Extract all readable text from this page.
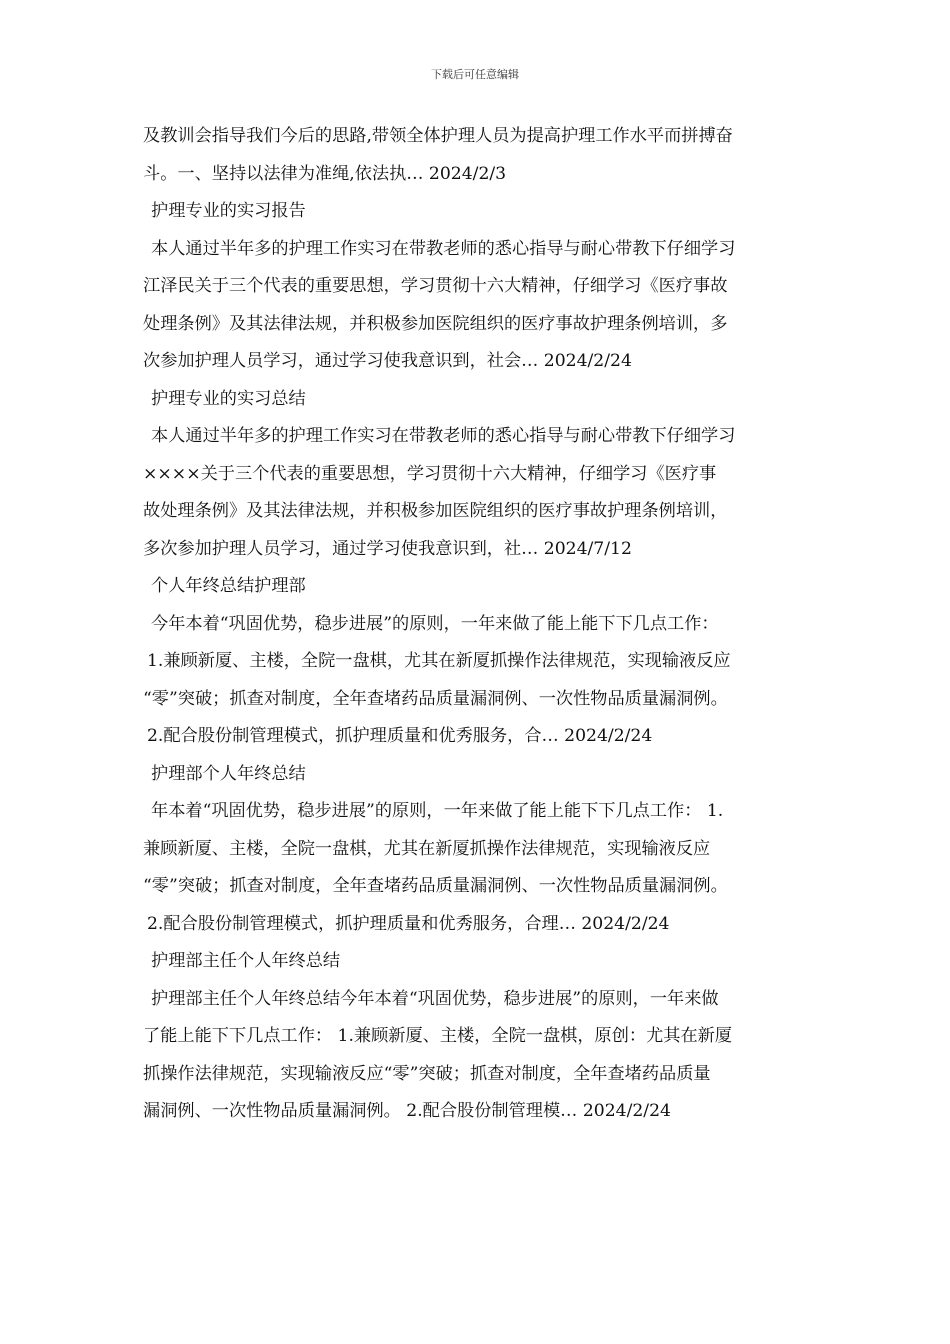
下载后可任意编辑
及教训会指导我们今后的思路,带领全体护理人员为提高护理工作水平而拼搏奋
斗。一、坚持以法律为准绳,依法执… 2024/2/3
护理专业的实习报告
本人通过半年多的护理工作实习在带教老师的悉心指导与耐心带教下仔细学习
江泽民关于三个代表的重要思想，学习贯彻十六大精神，仔细学习《医疗事故
处理条例》及其法律法规，并积极参加医院组织的医疗事故护理条例培训，多
次参加护理人员学习，通过学习使我意识到，社会… 2024/2/24
护理专业的实习总结
本人通过半年多的护理工作实习在带教老师的悉心指导与耐心带教下仔细学习
××××关于三个代表的重要思想，学习贯彻十六大精神，仔细学习《医疗事
故处理条例》及其法律法规，并积极参加医院组织的医疗事故护理条例培训，
多次参加护理人员学习，通过学习使我意识到，社… 2024/7/12
个人年终总结护理部
今年本着“巩固优势，稳步进展”的原则，一年来做了能上能下下几点工作：
1.兼顾新厦、主楼，全院一盘棋，尤其在新厦抓操作法律规范，实现输液反应
“零”突破；抓查对制度，全年查堵药品质量漏洞例、一次性物品质量漏洞例。
2.配合股份制管理模式，抓护理质量和优秀服务，合… 2024/2/24
护理部个人年终总结
年本着“巩固优势，稳步进展”的原则，一年来做了能上能下下几点工作： 1.
兼顾新厦、主楼，全院一盘棋，尤其在新厦抓操作法律规范，实现输液反应
“零”突破；抓查对制度，全年查堵药品质量漏洞例、一次性物品质量漏洞例。
2.配合股份制管理模式，抓护理质量和优秀服务，合理… 2024/2/24
护理部主任个人年终总结
护理部主任个人年终总结今年本着“巩固优势，稳步进展”的原则，一年来做
了能上能下下几点工作： 1.兼顾新厦、主楼，全院一盘棋，原创：尤其在新厦
抓操作法律规范，实现输液反应“零”突破；抓查对制度，全年查堵药品质量
漏洞例、一次性物品质量漏洞例。 2.配合股份制管理模… 2024/2/24
